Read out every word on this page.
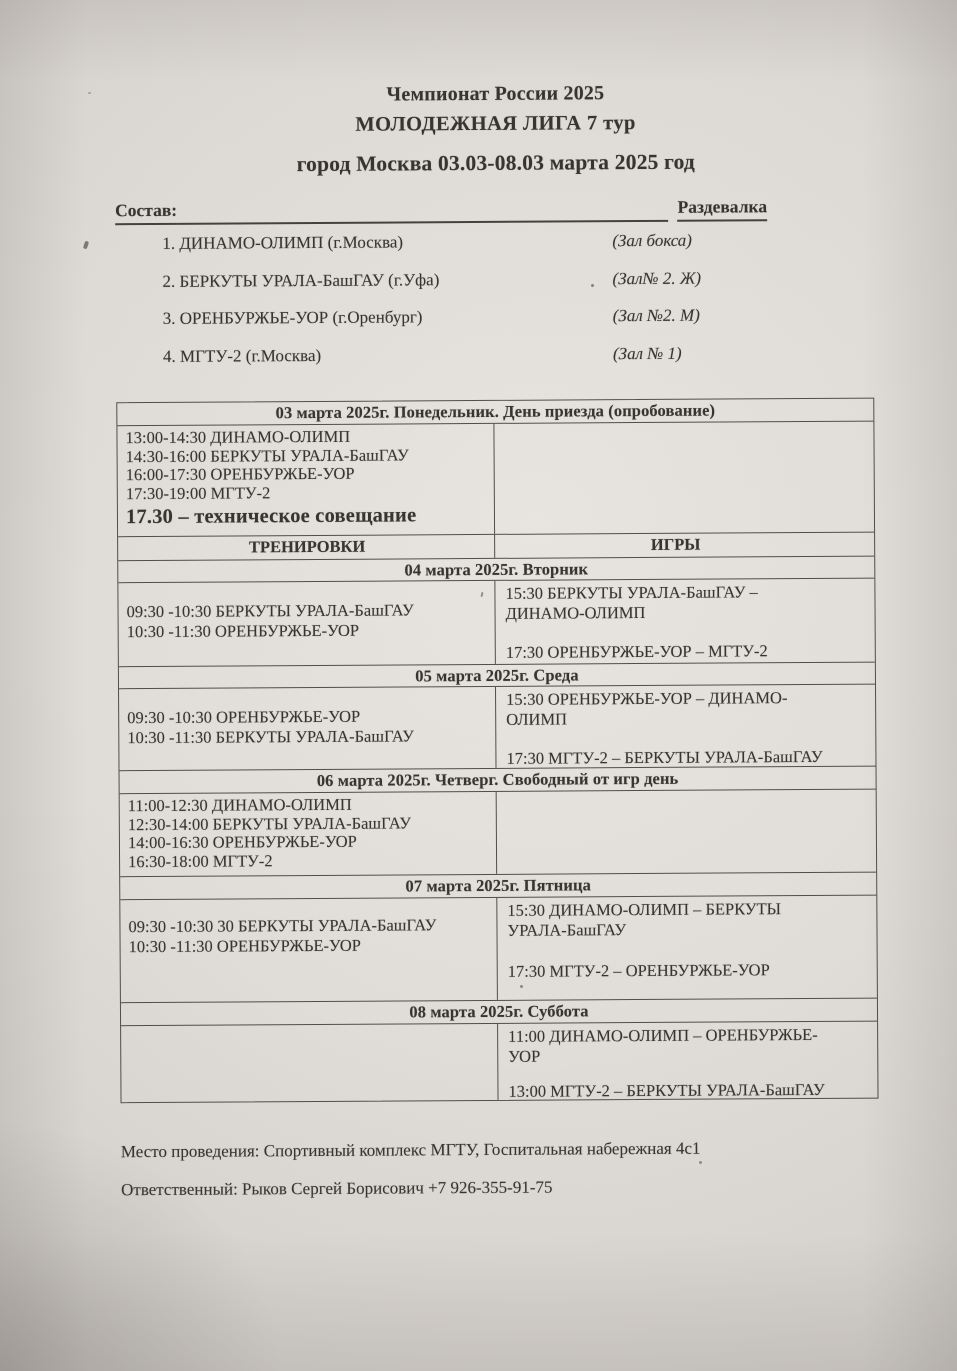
Чемпионат России 2025
МОЛОДЕЖНАЯ ЛИГА 7 тур
город Москва 03.03-08.03 марта 2025 год
Состав:	Раздевалка
1. ДИНАМО-ОЛИМП (г.Москва)	(Зал бокса)
2. БЕРКУТЫ УРАЛА-БашГАУ (г.Уфа)	(Зал№ 2. Ж)
3. ОРЕНБУРЖЬЕ-УОР (г.Оренбург)	(Зал №2. М)
4. МГТУ-2 (г.Москва)	(Зал № 1)
03 марта 2025г. Понедельник. День приезда (опробование)
13:00-14:30 ДИНАМО-ОЛИМП
14:30-16:00 БЕРКУТЫ УРАЛА-БашГАУ
16:00-17:30 ОРЕНБУРЖЬЕ-УОР
17:30-19:00 МГТУ-2
17.30 – техническое совещание
ТРЕНИРОВКИ	ИГРЫ
04 марта 2025г. Вторник
09:30 -10:30 БЕРКУТЫ УРАЛА-БашГАУ
10:30 -11:30 ОРЕНБУРЖЬЕ-УОР
15:30 БЕРКУТЫ УРАЛА-БашГАУ –
ДИНАМО-ОЛИМП
17:30 ОРЕНБУРЖЬЕ-УОР – МГТУ-2
05 марта 2025г. Среда
09:30 -10:30 ОРЕНБУРЖЬЕ-УОР
10:30 -11:30 БЕРКУТЫ УРАЛА-БашГАУ
15:30 ОРЕНБУРЖЬЕ-УОР – ДИНАМО-
ОЛИМП
17:30 МГТУ-2 – БЕРКУТЫ УРАЛА-БашГАУ
06 марта 2025г. Четверг. Свободный от игр день
11:00-12:30 ДИНАМО-ОЛИМП
12:30-14:00 БЕРКУТЫ УРАЛА-БашГАУ
14:00-16:30 ОРЕНБУРЖЬЕ-УОР
16:30-18:00 МГТУ-2
07 марта 2025г. Пятница
09:30 -10:30 30 БЕРКУТЫ УРАЛА-БашГАУ
10:30 -11:30 ОРЕНБУРЖЬЕ-УОР
15:30 ДИНАМО-ОЛИМП – БЕРКУТЫ
УРАЛА-БашГАУ
17:30 МГТУ-2 – ОРЕНБУРЖЬЕ-УОР
08 марта 2025г. Суббота
11:00 ДИНАМО-ОЛИМП – ОРЕНБУРЖЬЕ-
УОР
13:00 МГТУ-2 – БЕРКУТЫ УРАЛА-БашГАУ
Место проведения: Спортивный комплекс МГТУ, Госпитальная набережная 4с1
Ответственный: Рыков Сергей Борисович +7 926-355-91-75
